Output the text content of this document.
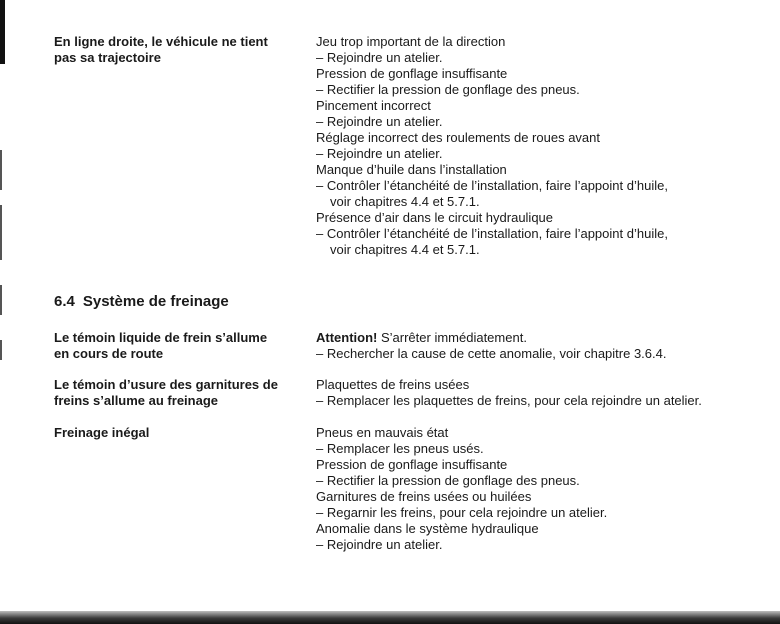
En ligne droite, le véhicule ne tient
pas sa trajectoire
Jeu trop important de la direction
– Rejoindre un atelier.
Pression de gonflage insuffisante
– Rectifier la pression de gonflage des pneus.
Pincement incorrect
– Rejoindre un atelier.
Réglage incorrect des roulements de roues avant
– Rejoindre un atelier.
Manque d’huile dans l’installation
– Contrôler l’étanchéité de l’installation, faire l’appoint d’huile,
voir chapitres 4.4 et 5.7.1.
Présence d’air dans le circuit hydraulique
– Contrôler l’étanchéité de l’installation, faire l’appoint d’huile,
voir chapitres 4.4 et 5.7.1.
6.4 Système de freinage
Le témoin liquide de frein s’allume
en cours de route
Attention! S’arrêter immédiatement.
– Rechercher la cause de cette anomalie, voir chapitre 3.6.4.
Le témoin d’usure des garnitures de
freins s’allume au freinage
Plaquettes de freins usées
– Remplacer les plaquettes de freins, pour cela rejoindre un atelier.
Freinage inégal	Pneus en mauvais état
– Remplacer les pneus usés.
Pression de gonflage insuffisante
– Rectifier la pression de gonflage des pneus.
Garnitures de freins usées ou huilées
– Regarnir les freins, pour cela rejoindre un atelier.
Anomalie dans le système hydraulique
– Rejoindre un atelier.
